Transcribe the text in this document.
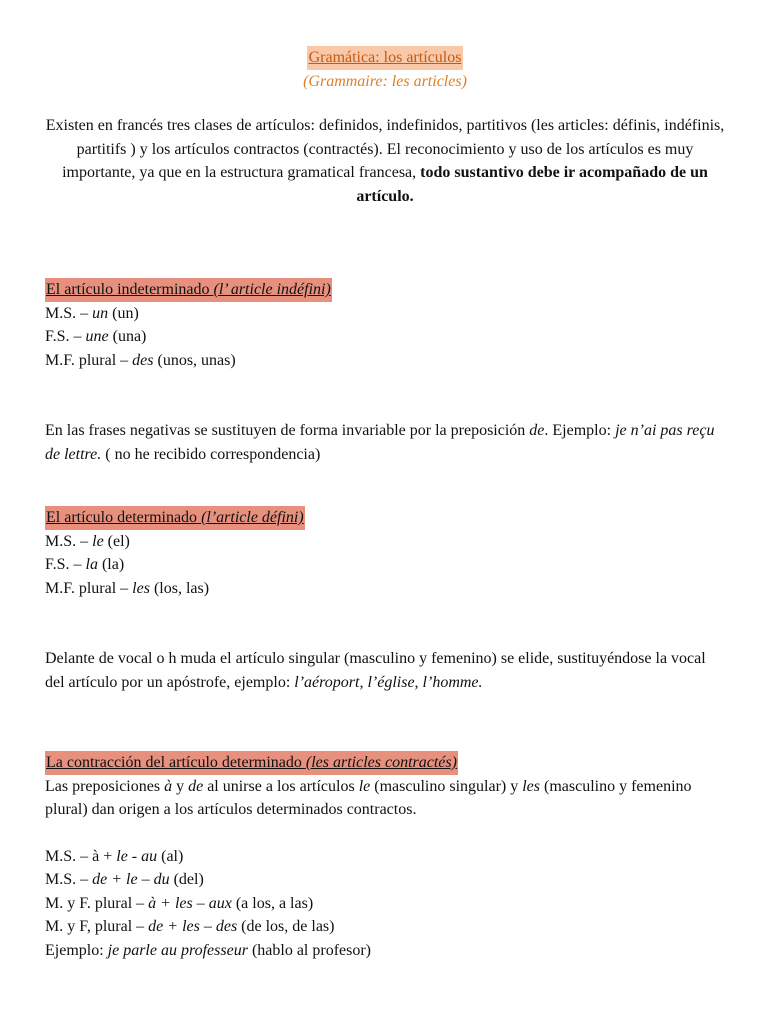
Gramática: los artículos
(Grammaire: les articles)
Existen en francés tres clases de artículos: definidos, indefinidos, partitivos (les articles: définis, indéfinis, partitifs ) y los artículos contractos (contractés). El reconocimiento y uso de los artículos es muy importante, ya que en la estructura gramatical francesa, todo sustantivo debe ir acompañado de un artículo.
El artículo indeterminado (l’ article indéfini)
M.S. – un (un)
F.S. – une (una)
M.F. plural – des (unos, unas)
En las frases negativas se sustituyen de forma invariable por la preposición de. Ejemplo: je n’ai pas reçu de lettre. ( no he recibido correspondencia)
El artículo determinado (l’article défini)
M.S. – le (el)
F.S. – la (la)
M.F. plural – les (los, las)
Delante de vocal o h muda el artículo singular (masculino y femenino) se elide, sustituyéndose la vocal del artículo por un apóstrofe, ejemplo: l’aéroport, l’église, l’homme.
La contracción del artículo determinado (les articles contractés)
Las preposiciones à y de al unirse a los artículos le (masculino singular) y les (masculino y femenino plural) dan origen a los artículos determinados contractos.
M.S. – à + le - au (al)
M.S. – de + le – du (del)
M. y F. plural – à + les – aux (a los, a las)
M. y F, plural – de + les – des (de los, de las)
Ejemplo: je parle au professeur (hablo al profesor)
